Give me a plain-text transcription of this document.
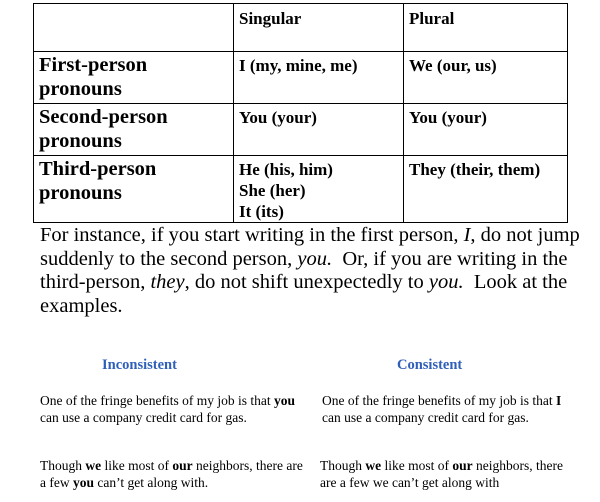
	Singular	Plural

First-person
pronouns	I (my, mine, me)	We (our, us)

Second-person
pronouns	You (your)	You (your)

Third-person
pronouns	He (his, him)
She (her)
It (its)	They (their, them)

For instance, if you start writing in the first person, I, do not jump suddenly to the second person, you.  Or, if you are writing in the third-person, they, do not shift unexpectedly to you.  Look at the examples.

Inconsistent	Consistent

One of the fringe benefits of my job is that you can use a company credit card for gas.

One of the fringe benefits of my job is that I can use a company credit card for gas.

Though we like most of our neighbors, there are a few you can’t get along with.

Though we like most of our neighbors, there are a few we can’t get along with
